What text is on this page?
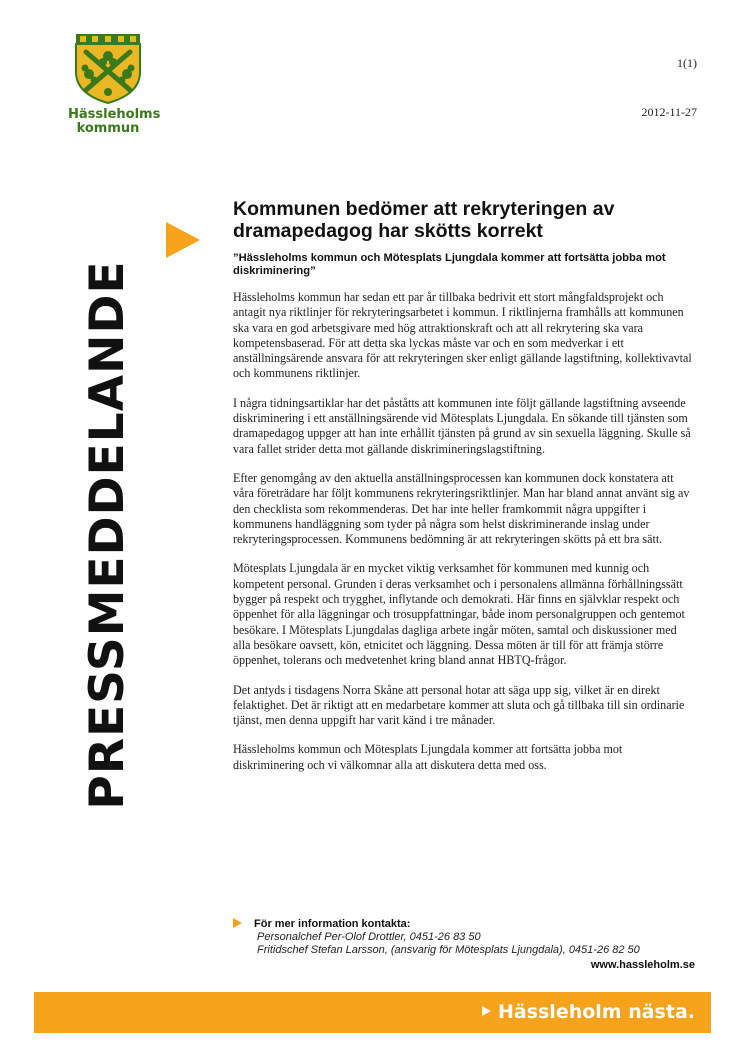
Hässleholms
kommun
1(1)
2012-11-27
PRESSMEDDELANDE
Kommunen bedömer att rekryteringen av dramapedagog har skötts korrekt

”Hässleholms kommun och Mötesplats Ljungdala kommer att fortsätta jobba mot diskriminering”

Hässleholms kommun har sedan ett par år tillbaka bedrivit ett stort mångfaldsprojekt och antagit nya riktlinjer för rekryteringsarbetet i kommun. I riktlinjerna framhålls att kommunen ska vara en god arbetsgivare med hög attraktionskraft och att all rekrytering ska vara kompetensbaserad. För att detta ska lyckas måste var och en som medverkar i ett anställningsärende ansvara för att rekryteringen sker enligt gällande lagstiftning, kollektivavtal och kommunens riktlinjer.

I några tidningsartiklar har det påståtts att kommunen inte följt gällande lagstiftning avseende diskriminering i ett anställningsärende vid Mötesplats Ljungdala. En sökande till tjänsten som dramapedagog uppger att han inte erhållit tjänsten på grund av sin sexuella läggning. Skulle så vara fallet strider detta mot gällande diskrimineringslagstiftning.

Efter genomgång av den aktuella anställningsprocessen kan kommunen dock konstatera att våra företrädare har följt kommunens rekryteringsriktlinjer. Man har bland annat använt sig av den checklista som rekommenderas. Det har inte heller framkommit några uppgifter i kommunens handläggning som tyder på några som helst diskriminerande inslag under rekryteringsprocessen. Kommunens bedömning är att rekryteringen skötts på ett bra sätt.

Mötesplats Ljungdala är en mycket viktig verksamhet för kommunen med kunnig och kompetent personal. Grunden i deras verksamhet och i personalens allmänna förhållningssätt bygger på respekt och trygghet, inflytande och demokrati. Här finns en självklar respekt och öppenhet för alla läggningar och trosuppfattningar, både inom personalgruppen och gentemot besökare. I Mötesplats Ljungdalas dagliga arbete ingår möten, samtal och diskussioner med alla besökare oavsett, kön, etnicitet och läggning. Dessa möten är till för att främja större öppenhet, tolerans och medvetenhet kring bland annat HBTQ-frågor.

Det antyds i tisdagens Norra Skåne att personal hotar att säga upp sig, vilket är en direkt felaktighet. Det är riktigt att en medarbetare kommer att sluta och gå tillbaka till sin ordinarie tjänst, men denna uppgift har varit känd i tre månader.

Hässleholms kommun och Mötesplats Ljungdala kommer att fortsätta jobba mot diskriminering och vi välkomnar alla att diskutera detta med oss.

För mer information kontakta:
Personalchef Per-Olof Drottler, 0451-26 83 50
Fritidschef Stefan Larsson, (ansvarig för Mötesplats Ljungdala), 0451-26 82 50
www.hassleholm.se
Hässleholm nästa.
